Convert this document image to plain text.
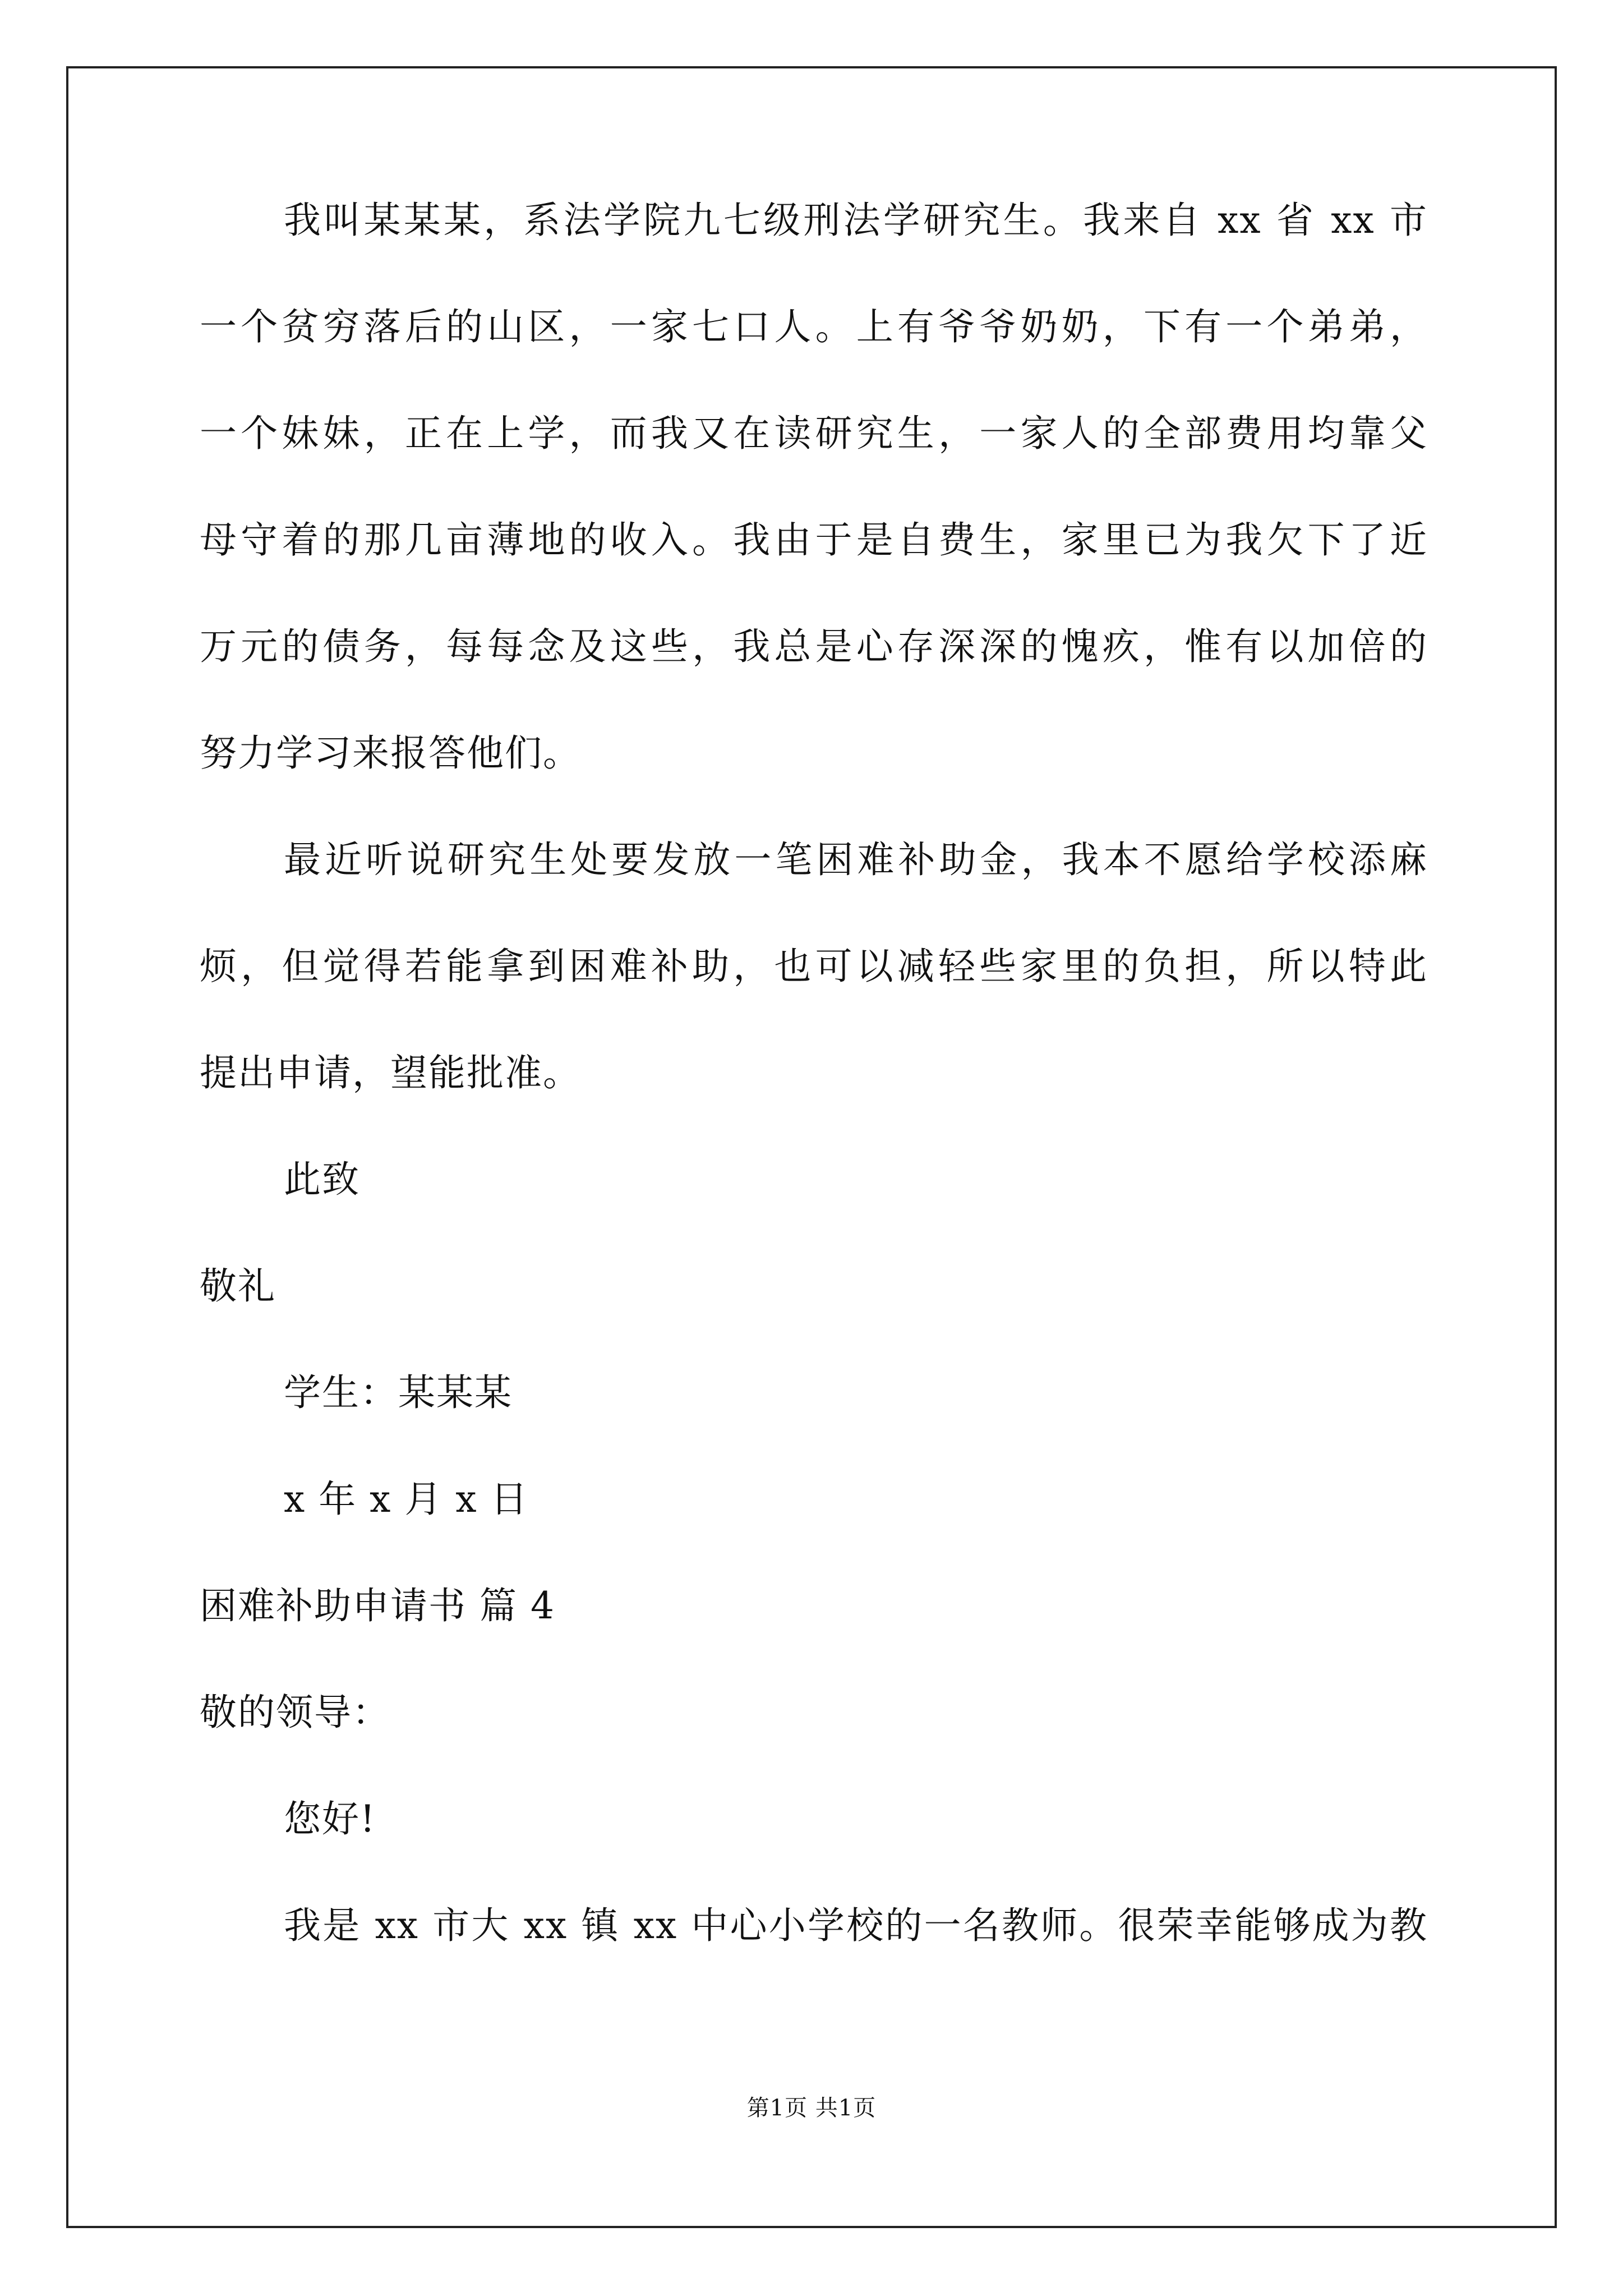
我叫某某某，系法学院九七级刑法学研究生。我来自 xx 省 xx 市
一个贫穷落后的山区，一家七口人。上有爷爷奶奶，下有一个弟弟，
一个妹妹，正在上学，而我又在读研究生，一家人的全部费用均靠父
母守着的那几亩薄地的收入。我由于是自费生，家里已为我欠下了近
万元的债务，每每念及这些，我总是心存深深的愧疚，惟有以加倍的
努力学习来报答他们。
最近听说研究生处要发放一笔困难补助金，我本不愿给学校添麻
烦，但觉得若能拿到困难补助，也可以减轻些家里的负担，所以特此
提出申请，望能批准。
此致
敬礼
学生：某某某
x 年 x 月 x 日
困难补助申请书 篇 4
敬的领导：
您好!
我是 xx 市大 xx 镇 xx 中心小学校的一名教师。很荣幸能够成为教
第1页 共1页
